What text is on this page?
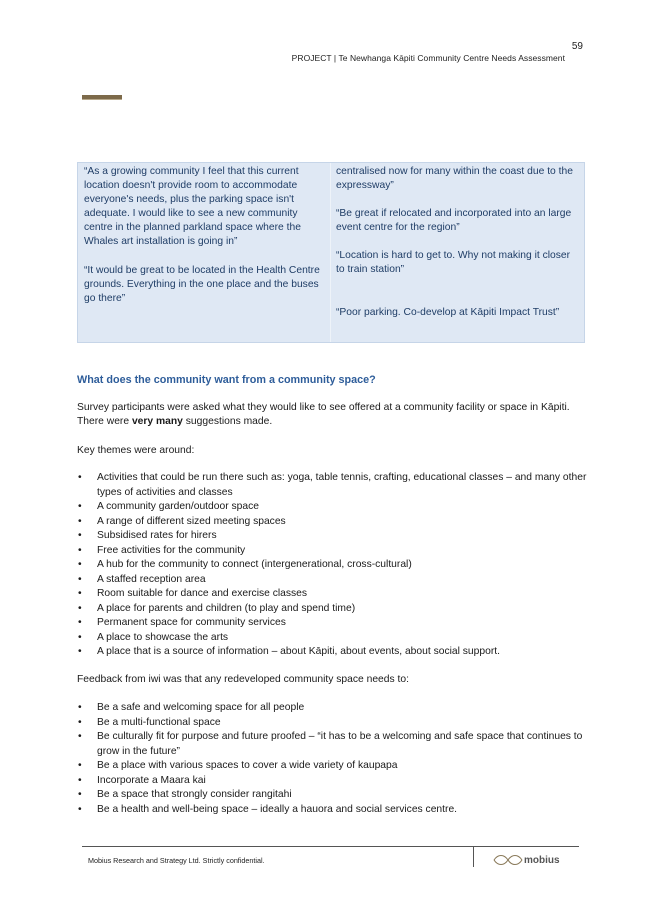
59
PROJECT | Te Newhanga Kāpiti Community Centre Needs Assessment

“As a growing community I feel that this current location doesn't provide room to accommodate everyone's needs, plus the parking space isn't adequate. I would like to see a new community centre in the planned parkland space where the Whales art installation is going in”

“It would be great to be located in the Health Centre grounds. Everything in the one place and the buses go there”

centralised now for many within the coast due to the expressway”

“Be great if relocated and incorporated into an large event centre for the region”

“Location is hard to get to. Why not making it closer to train station”

“Poor parking. Co-develop at Kāpiti Impact Trust”

What does the community want from a community space?

Survey participants were asked what they would like to see offered at a community facility or space in Kāpiti. There were very many suggestions made.

Key themes were around:

• Activities that could be run there such as: yoga, table tennis, crafting, educational classes – and many other types of activities and classes
• A community garden/outdoor space
• A range of different sized meeting spaces
• Subsidised rates for hirers
• Free activities for the community
• A hub for the community to connect (intergenerational, cross-cultural)
• A staffed reception area
• Room suitable for dance and exercise classes
• A place for parents and children (to play and spend time)
• Permanent space for community services
• A place to showcase the arts
• A place that is a source of information – about Kāpiti, about events, about social support.

Feedback from iwi was that any redeveloped community space needs to:

• Be a safe and welcoming space for all people
• Be a multi-functional space
• Be culturally fit for purpose and future proofed – “it has to be a welcoming and safe space that continues to grow in the future”
• Be a place with various spaces to cover a wide variety of kaupapa
• Incorporate a Maara kai
• Be a space that strongly consider rangitahi
• Be a health and well-being space – ideally a hauora and social services centre.
Mobius Research and Strategy Ltd. Strictly confidential.	mobius
